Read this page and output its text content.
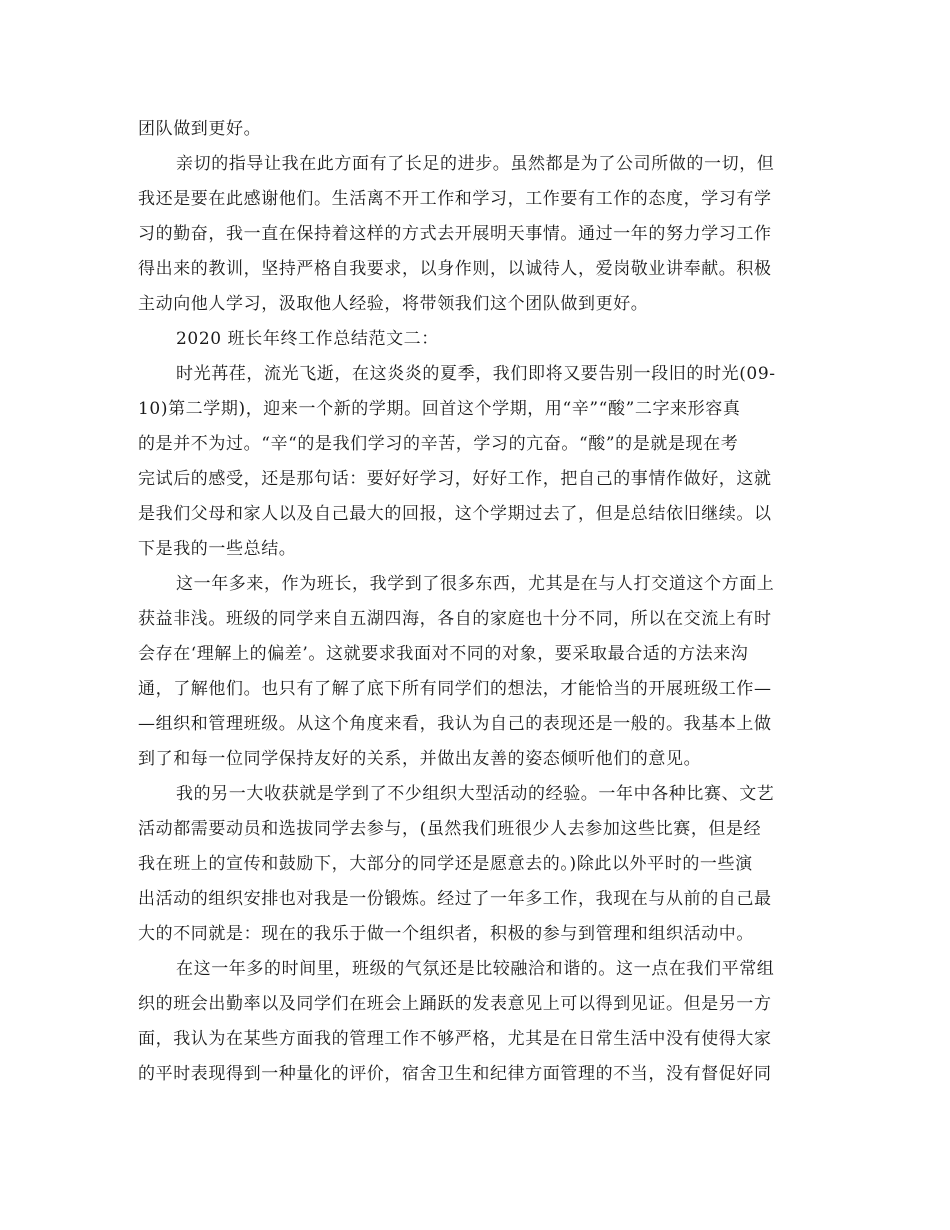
团队做到更好。
亲切的指导让我在此方面有了长足的进步。虽然都是为了公司所做的一切，但
我还是要在此感谢他们。生活离不开工作和学习，工作要有工作的态度，学习有学
习的勤奋，我一直在保持着这样的方式去开展明天事情。通过一年的努力学习工作
得出来的教训，坚持严格自我要求，以身作则，以诚待人，爱岗敬业讲奉献。积极
主动向他人学习，汲取他人经验，将带领我们这个团队做到更好。
2020 班长年终工作总结范文二：
时光苒荏，流光飞逝，在这炎炎的夏季，我们即将又要告别一段旧的时光(09-
10)第二学期)，迎来一个新的学期。回首这个学期，用“辛”“酸”二字来形容真
的是并不为过。“辛“的是我们学习的辛苦，学习的亢奋。“酸”的是就是现在考
完试后的感受，还是那句话：要好好学习，好好工作，把自己的事情作做好，这就
是我们父母和家人以及自己最大的回报，这个学期过去了，但是总结依旧继续。以
下是我的一些总结。
这一年多来，作为班长，我学到了很多东西，尤其是在与人打交道这个方面上
获益非浅。班级的同学来自五湖四海，各自的家庭也十分不同，所以在交流上有时
会存在‘理解上的偏差’。这就要求我面对不同的对象，要采取最合适的方法来沟
通，了解他们。也只有了解了底下所有同学们的想法，才能恰当的开展班级工作—
—组织和管理班级。从这个角度来看，我认为自己的表现还是一般的。我基本上做
到了和每一位同学保持友好的关系，并做出友善的姿态倾听他们的意见。
我的另一大收获就是学到了不少组织大型活动的经验。一年中各种比赛、文艺
活动都需要动员和选拔同学去参与，(虽然我们班很少人去参加这些比赛，但是经
我在班上的宣传和鼓励下，大部分的同学还是愿意去的。)除此以外平时的一些演
出活动的组织安排也对我是一份锻炼。经过了一年多工作，我现在与从前的自己最
大的不同就是：现在的我乐于做一个组织者，积极的参与到管理和组织活动中。
在这一年多的时间里，班级的气氛还是比较融洽和谐的。这一点在我们平常组
织的班会出勤率以及同学们在班会上踊跃的发表意见上可以得到见证。但是另一方
面，我认为在某些方面我的管理工作不够严格，尤其是在日常生活中没有使得大家
的平时表现得到一种量化的评价，宿舍卫生和纪律方面管理的不当，没有督促好同
